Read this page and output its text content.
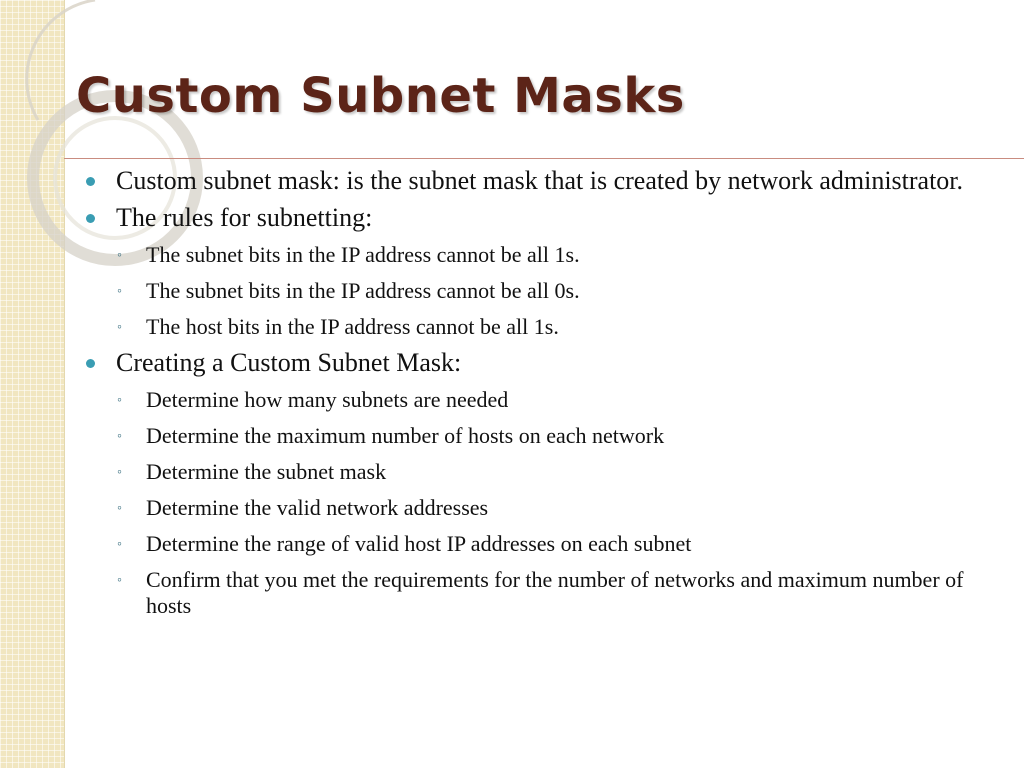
Custom Subnet Masks
Custom subnet mask: is the subnet mask that is created by network administrator.
The rules for subnetting:
◦ The subnet bits in the IP address cannot be all 1s.
◦ The subnet bits in the IP address cannot be all 0s.
◦ The host bits in the IP address cannot be all 1s.
Creating a Custom Subnet Mask:
◦ Determine how many subnets are needed
◦ Determine the maximum number of hosts on each network
◦ Determine the subnet mask
◦ Determine the valid network addresses
◦ Determine the range of valid host IP addresses on each subnet
◦ Confirm that you met the requirements for the number of networks and maximum number of hosts
